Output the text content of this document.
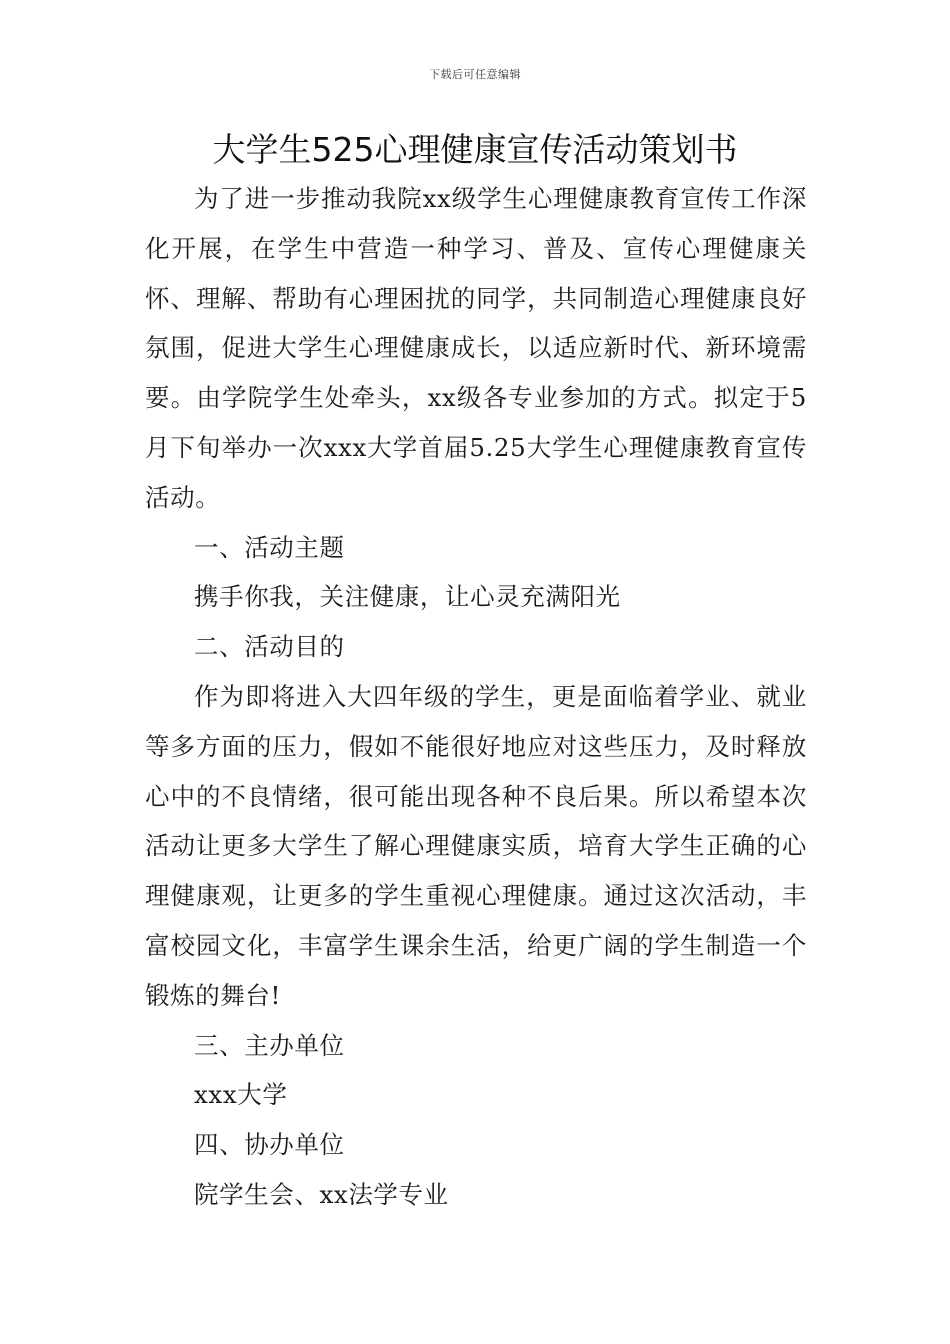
下载后可任意编辑
大学生525心理健康宣传活动策划书

为了进一步推动我院xx级学生心理健康教育宣传工作深化开展，在学生中营造一种学习、普及、宣传心理健康关怀、理解、帮助有心理困扰的同学，共同制造心理健康良好氛围，促进大学生心理健康成长，以适应新时代、新环境需要。由学院学生处牵头，xx级各专业参加的方式。拟定于5月下旬举办一次xxx大学首届5.25大学生心理健康教育宣传活动。

一、活动主题

携手你我，关注健康，让心灵充满阳光

二、活动目的

作为即将进入大四年级的学生，更是面临着学业、就业等多方面的压力，假如不能很好地应对这些压力，及时释放心中的不良情绪，很可能出现各种不良后果。所以希望本次活动让更多大学生了解心理健康实质，培育大学生正确的心理健康观，让更多的学生重视心理健康。通过这次活动，丰富校园文化，丰富学生课余生活，给更广阔的学生制造一个锻炼的舞台!

三、主办单位

xxx大学

四、协办单位

院学生会、xx法学专业
